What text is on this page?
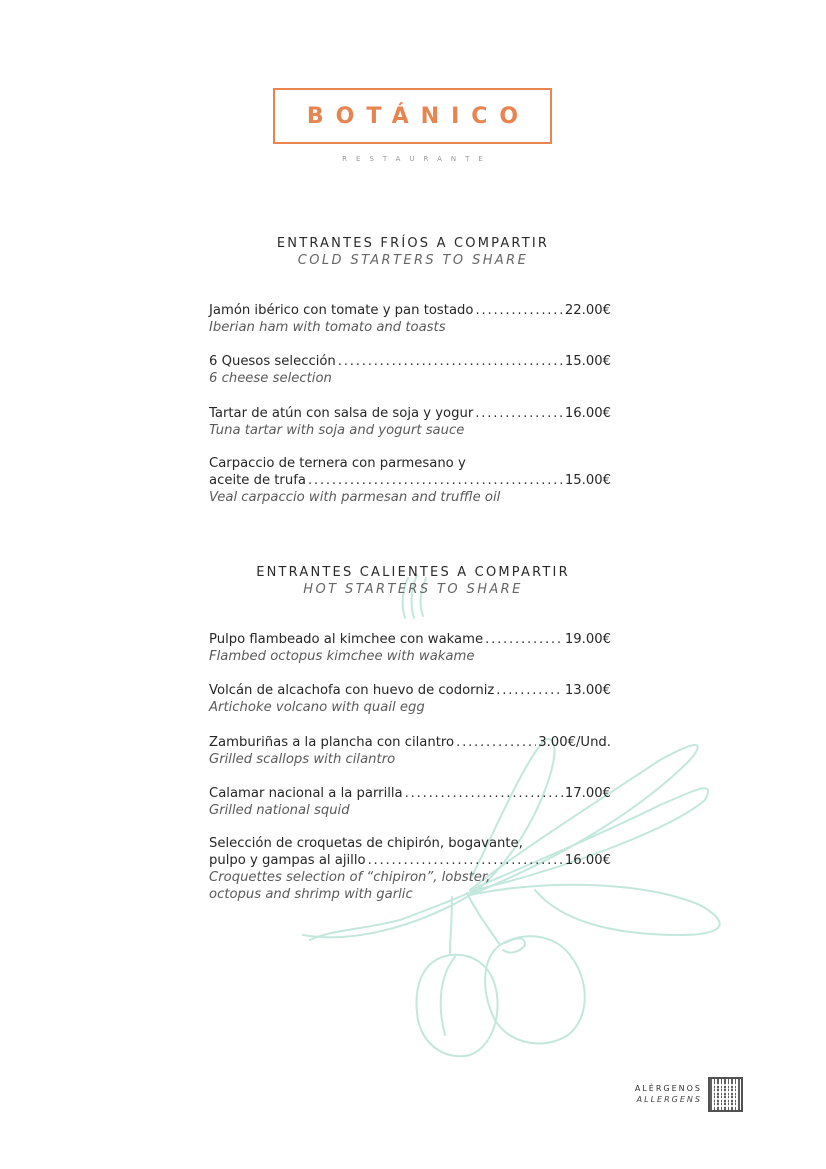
BOTÁNICO
RESTAURANTE
ENTRANTES FRÍOS A COMPARTIR
COLD STARTERS TO SHARE
Jamón ibérico con tomate y pan tostado . . .	22.00€
Iberian ham with tomato and toasts
6 Quesos selección . . .	15.00€
6 cheese selection
Tartar de atún con salsa de soja y yogur . . .	16.00€
Tuna tartar with soja and yogurt sauce
Carpaccio de ternera con parmesano y
aceite de trufa . . .	15.00€
Veal carpaccio with parmesan and truffle oil
ENTRANTES CALIENTES A COMPARTIR
HOT STARTERS TO SHARE
Pulpo flambeado al kimchee con wakame . . .	19.00€
Flambed octopus kimchee with wakame
Volcán de alcachofa con huevo de codorniz . . .	13.00€
Artichoke volcano with quail egg
Zamburiñas a la plancha con cilantro . . .	3.00€/Und.
Grilled scallops with cilantro
Calamar nacional a la parrilla . . .	17.00€
Grilled national squid
Selección de croquetas de chipirón, bogavante,
pulpo y gampas al ajillo . . .	16.00€
Croquettes selection of “chipiron”, lobster,
octopus and shrimp with garlic
ALÉRGENOS
ALLERGENS
